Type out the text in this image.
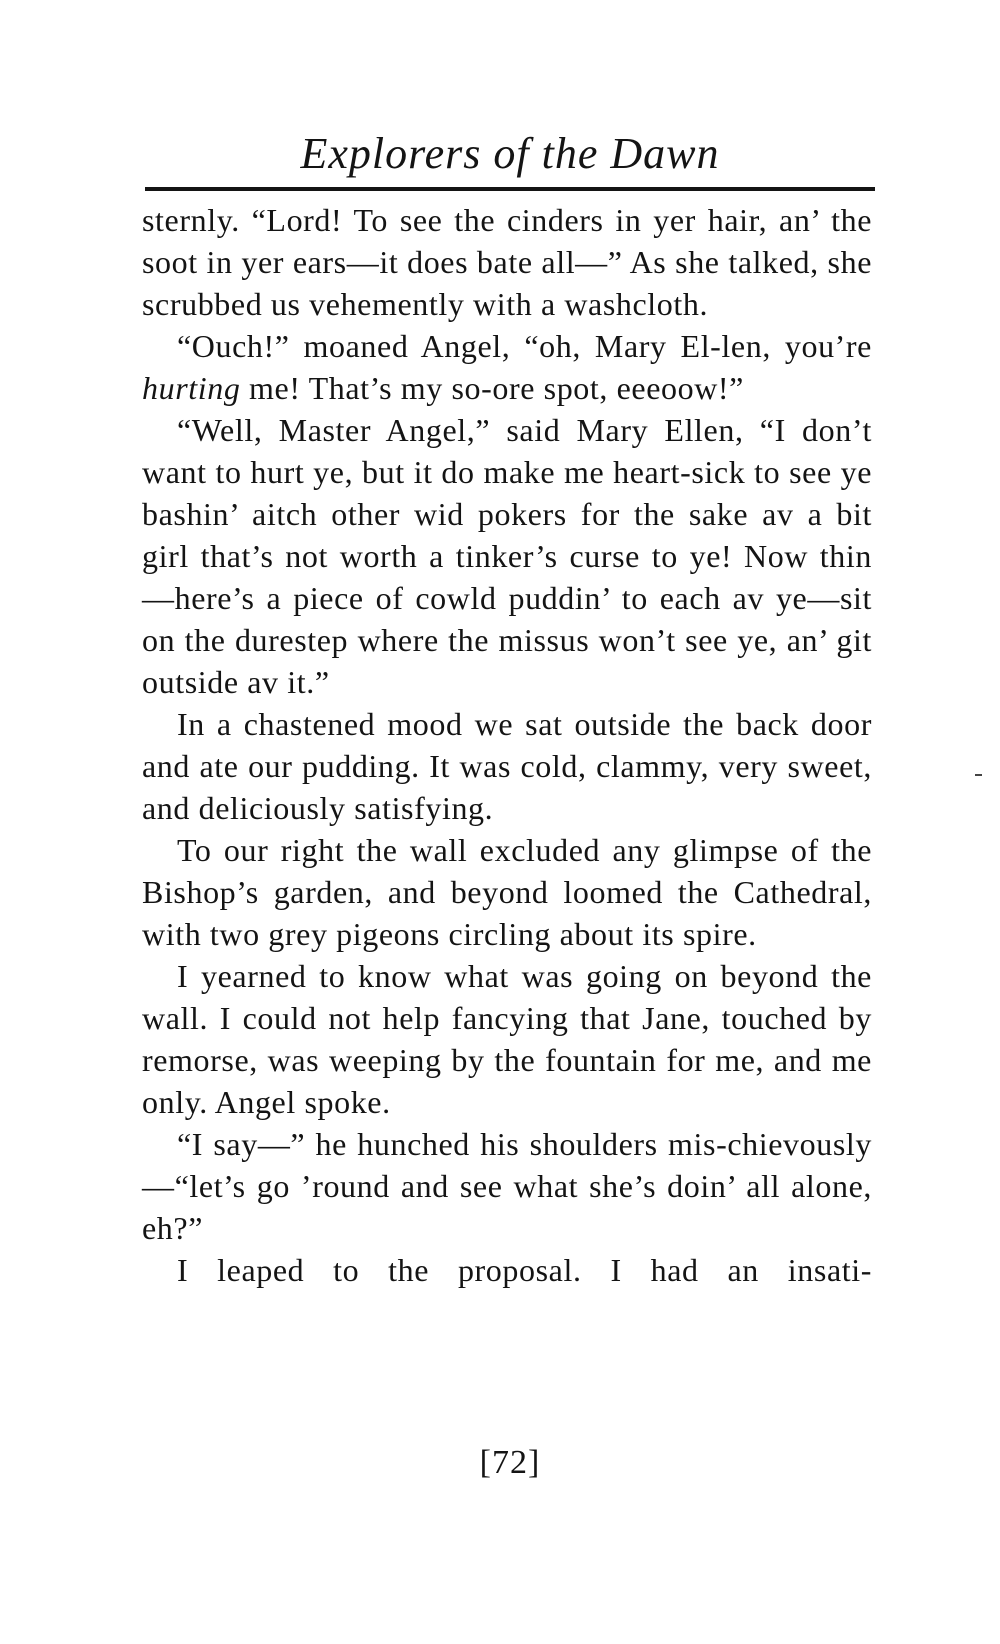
Explorers of the Dawn

sternly. “Lord! To see the cinders in yer hair, an’ the soot in yer ears—it does bate all—” As she talked, she scrubbed us vehemently with a washcloth.

“Ouch!” moaned Angel, “oh, Mary El-len, you’re hurting me! That’s my so-ore spot, eeeoow!”

“Well, Master Angel,” said Mary Ellen, “I don’t want to hurt ye, but it do make me heart-sick to see ye bashin’ aitch other wid pokers for the sake av a bit girl that’s not worth a tinker’s curse to ye! Now thin—here’s a piece of cowld puddin’ to each av ye—sit on the durestep where the missus won’t see ye, an’ git outside av it.”

In a chastened mood we sat outside the back door and ate our pudding. It was cold, clammy, very sweet, and deliciously satisfying.

To our right the wall excluded any glimpse of the Bishop’s garden, and beyond loomed the Cathedral, with two grey pigeons circling about its spire.

I yearned to know what was going on beyond the wall. I could not help fancying that Jane, touched by remorse, was weeping by the fountain for me, and me only. Angel spoke.

“I say—” he hunched his shoulders mis-chievously—“let’s go ’round and see what she’s doin’ all alone, eh?”

I leaped to the proposal. I had an insati-

[72]
